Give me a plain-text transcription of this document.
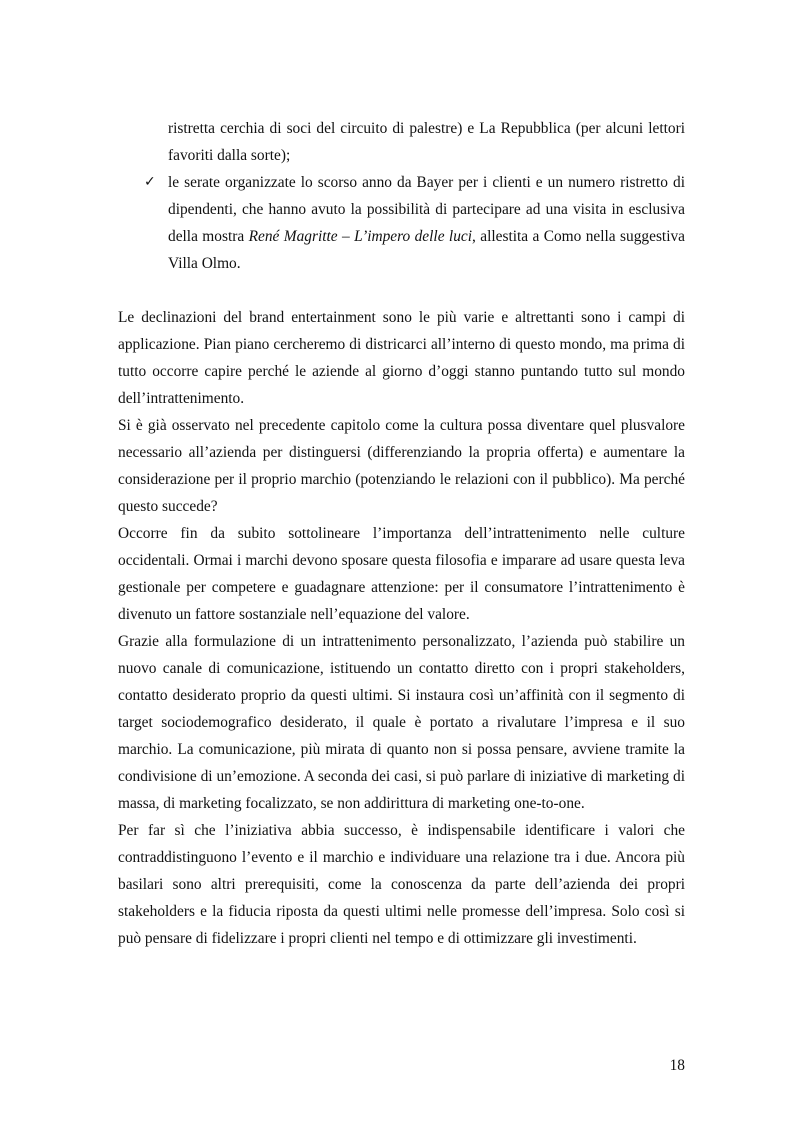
ristretta cerchia di soci del circuito di palestre) e La Repubblica (per alcuni lettori favoriti dalla sorte);
✓ le serate organizzate lo scorso anno da Bayer per i clienti e un numero ristretto di dipendenti, che hanno avuto la possibilità di partecipare ad una visita in esclusiva della mostra René Magritte – L’impero delle luci, allestita a Como nella suggestiva Villa Olmo.

Le declinazioni del brand entertainment sono le più varie e altrettanti sono i campi di applicazione. Pian piano cercheremo di districarci all’interno di questo mondo, ma prima di tutto occorre capire perché le aziende al giorno d’oggi stanno puntando tutto sul mondo dell’intrattenimento.

Si è già osservato nel precedente capitolo come la cultura possa diventare quel plusvalore necessario all’azienda per distinguersi (differenziando la propria offerta) e aumentare la considerazione per il proprio marchio (potenziando le relazioni con il pubblico). Ma perché questo succede?

Occorre fin da subito sottolineare l’importanza dell’intrattenimento nelle culture occidentali. Ormai i marchi devono sposare questa filosofia e imparare ad usare questa leva gestionale per competere e guadagnare attenzione: per il consumatore l’intrattenimento è divenuto un fattore sostanziale nell’equazione del valore.

Grazie alla formulazione di un intrattenimento personalizzato, l’azienda può stabilire un nuovo canale di comunicazione, istituendo un contatto diretto con i propri stakeholders, contatto desiderato proprio da questi ultimi. Si instaura così un’affinità con il segmento di target sociodemografico desiderato, il quale è portato a rivalutare l’impresa e il suo marchio. La comunicazione, più mirata di quanto non si possa pensare, avviene tramite la condivisione di un’emozione. A seconda dei casi, si può parlare di iniziative di marketing di massa, di marketing focalizzato, se non addirittura di marketing one-to-one.

Per far sì che l’iniziativa abbia successo, è indispensabile identificare i valori che contraddistinguono l’evento e il marchio e individuare una relazione tra i due. Ancora più basilari sono altri prerequisiti, come la conoscenza da parte dell’azienda dei propri stakeholders e la fiducia riposta da questi ultimi nelle promesse dell’impresa. Solo così si può pensare di fidelizzare i propri clienti nel tempo e di ottimizzare gli investimenti.

18
